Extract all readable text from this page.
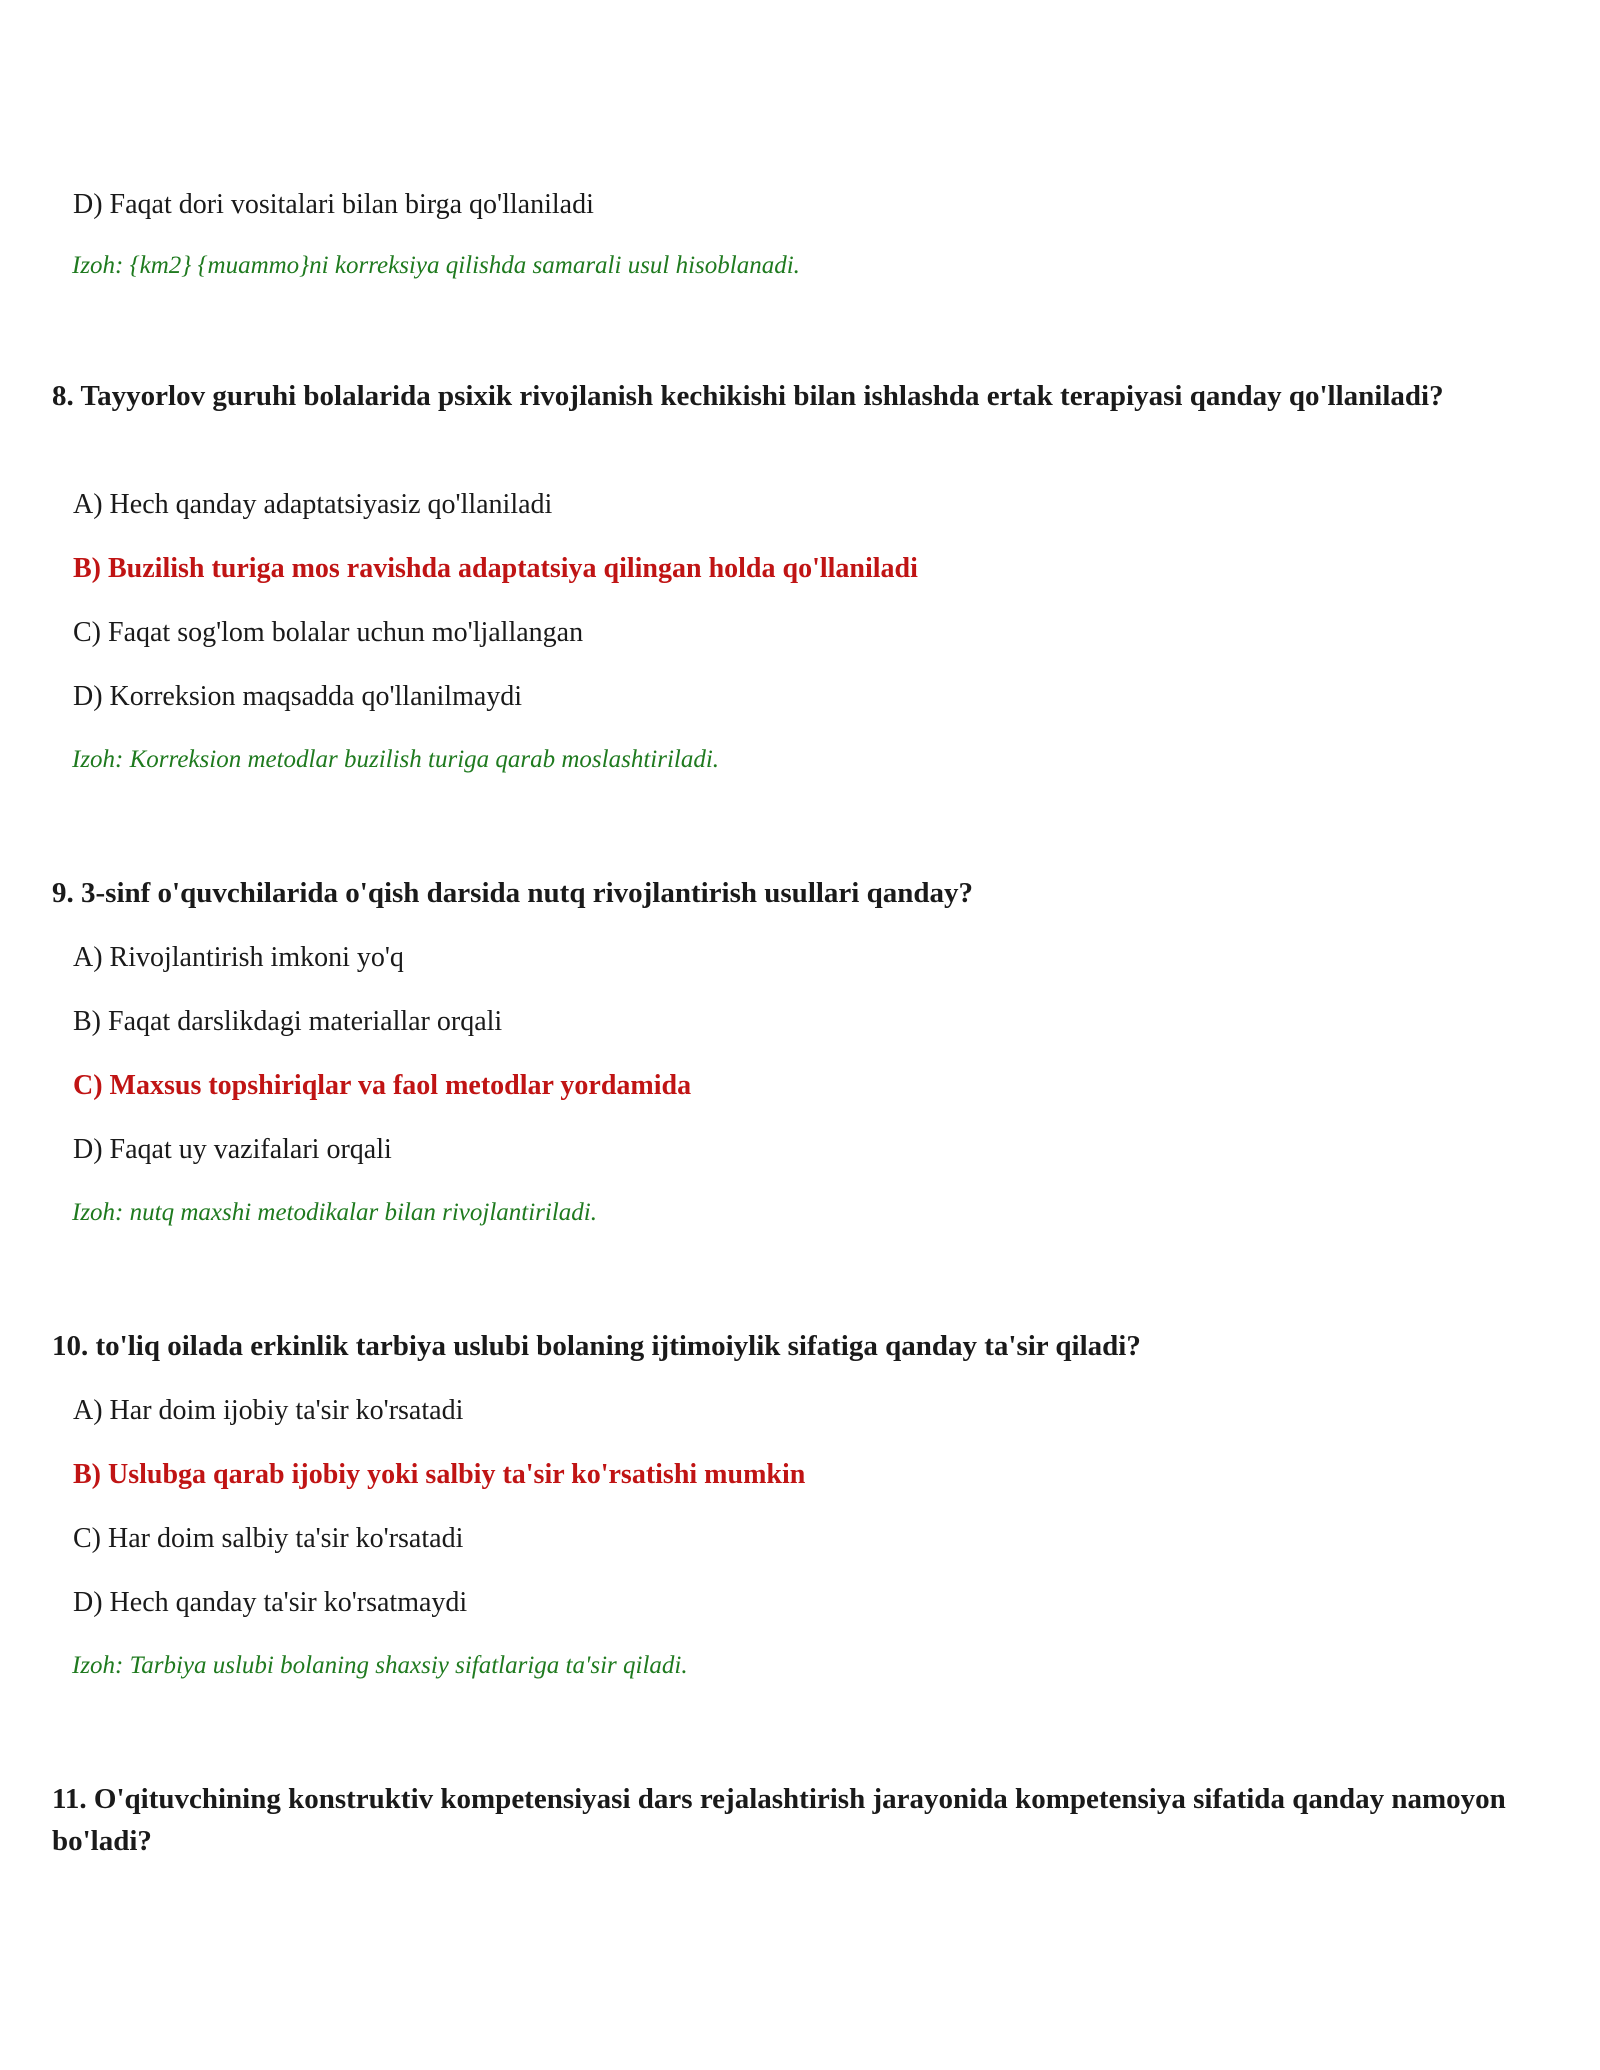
D) Faqat dori vositalari bilan birga qo'llaniladi
Izoh: {km2} {muammo}ni korreksiya qilishda samarali usul hisoblanadi.
8. Tayyorlov guruhi bolalarida psixik rivojlanish kechikishi bilan ishlashda ertak terapiyasi qanday qo'llaniladi?
A) Hech qanday adaptatsiyasiz qo'llaniladi
B) Buzilish turiga mos ravishda adaptatsiya qilingan holda qo'llaniladi
C) Faqat sog'lom bolalar uchun mo'ljallangan
D) Korreksion maqsadda qo'llanilmaydi
Izoh: Korreksion metodlar buzilish turiga qarab moslashtiriladi.
9. 3-sinf o'quvchilarida o'qish darsida nutq rivojlantirish usullari qanday?
A) Rivojlantirish imkoni yo'q
B) Faqat darslikdagi materiallar orqali
C) Maxsus topshiriqlar va faol metodlar yordamida
D) Faqat uy vazifalari orqali
Izoh: nutq maxshi metodikalar bilan rivojlantiriladi.
10. to'liq oilada erkinlik tarbiya uslubi bolaning ijtimoiylik sifatiga qanday ta'sir qiladi?
A) Har doim ijobiy ta'sir ko'rsatadi
B) Uslubga qarab ijobiy yoki salbiy ta'sir ko'rsatishi mumkin
C) Har doim salbiy ta'sir ko'rsatadi
D) Hech qanday ta'sir ko'rsatmaydi
Izoh: Tarbiya uslubi bolaning shaxsiy sifatlariga ta'sir qiladi.
11. O'qituvchining konstruktiv kompetensiyasi dars rejalashtirish jarayonida kompetensiya sifatida qanday namoyon bo'ladi?
